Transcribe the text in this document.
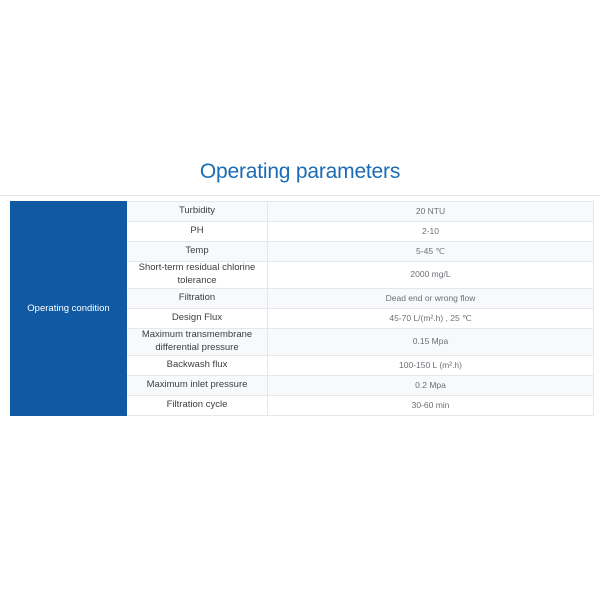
Operating parameters
Operating condition	Turbidity	20 NTU
	PH	2-10
	Temp	5-45 ℃
	Short-term residual chlorine tolerance	2000 mg/L
	Filtration	Dead end or wrong flow
	Design Flux	45-70 L/(m².h) , 25 ℃
	Maximum transmembrane differential pressure	0.15 Mpa
	Backwash flux	100-150 L (m².h)
	Maximum inlet pressure	0.2 Mpa
	Filtration cycle	30-60 min
